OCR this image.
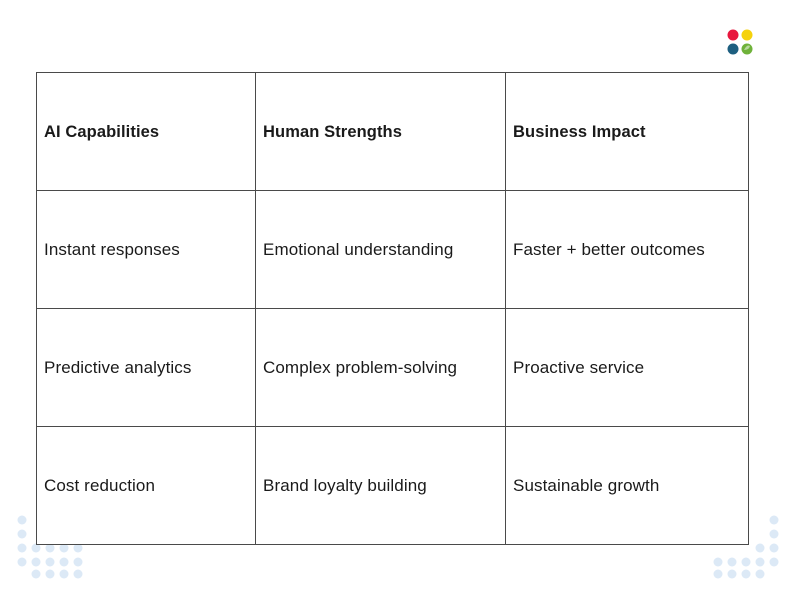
AI Capabilities	Human Strengths	Business Impact
Instant responses	Emotional understanding	Faster + better outcomes
Predictive analytics	Complex problem-solving	Proactive service
Cost reduction	Brand loyalty building	Sustainable growth
